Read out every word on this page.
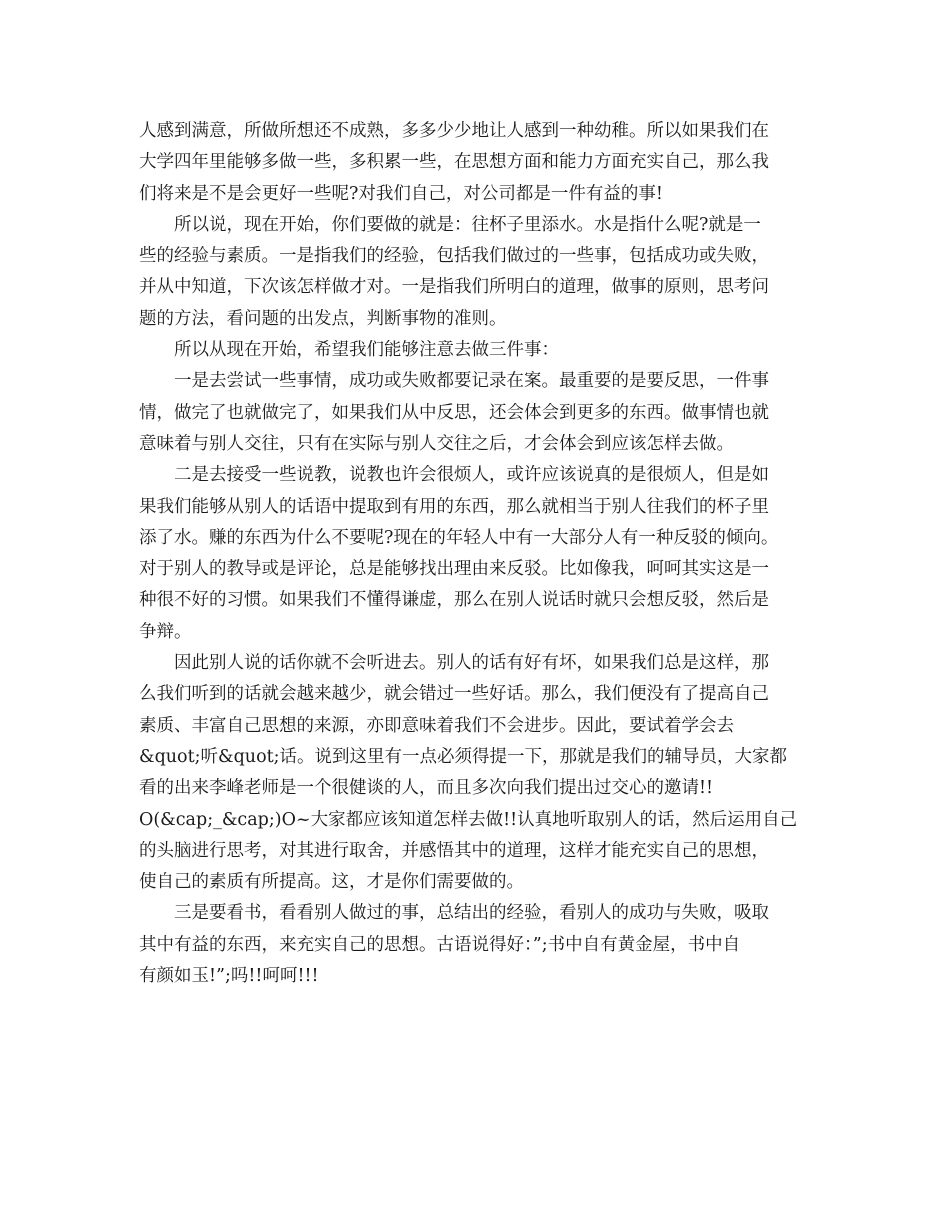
人感到满意，所做所想还不成熟，多多少少地让人感到一种幼稚。所以如果我们在
大学四年里能够多做一些，多积累一些，在思想方面和能力方面充实自己，那么我
们将来是不是会更好一些呢?对我们自己，对公司都是一件有益的事!
所以说，现在开始，你们要做的就是：往杯子里添水。水是指什么呢?就是一
些的经验与素质。一是指我们的经验，包括我们做过的一些事，包括成功或失败，
并从中知道，下次该怎样做才对。一是指我们所明白的道理，做事的原则，思考问
题的方法，看问题的出发点，判断事物的准则。
所以从现在开始，希望我们能够注意去做三件事：
一是去尝试一些事情，成功或失败都要记录在案。最重要的是要反思，一件事
情，做完了也就做完了，如果我们从中反思，还会体会到更多的东西。做事情也就
意味着与别人交往，只有在实际与别人交往之后，才会体会到应该怎样去做。
二是去接受一些说教，说教也许会很烦人，或许应该说真的是很烦人，但是如
果我们能够从别人的话语中提取到有用的东西，那么就相当于别人往我们的杯子里
添了水。赚的东西为什么不要呢?现在的年轻人中有一大部分人有一种反驳的倾向。
对于别人的教导或是评论，总是能够找出理由来反驳。比如像我，呵呵其实这是一
种很不好的习惯。如果我们不懂得谦虚，那么在别人说话时就只会想反驳，然后是
争辩。
因此别人说的话你就不会听进去。别人的话有好有坏，如果我们总是这样，那
么我们听到的话就会越来越少，就会错过一些好话。那么，我们便没有了提高自己
素质、丰富自己思想的来源，亦即意味着我们不会进步。因此，要试着学会去
&quot;听&quot;话。说到这里有一点必须得提一下，那就是我们的辅导员，大家都
看的出来李峰老师是一个很健谈的人，而且多次向我们提出过交心的邀请!!
O(&cap;_&cap;)O~大家都应该知道怎样去做!!认真地听取别人的话，然后运用自己
的头脑进行思考，对其进行取舍，并感悟其中的道理，这样才能充实自己的思想，
使自己的素质有所提高。这，才是你们需要做的。
三是要看书，看看别人做过的事，总结出的经验，看别人的成功与失败，吸取
其中有益的东西，来充实自己的思想。古语说得好：”;书中自有黄金屋，书中自
有颜如玉!”;吗!!呵呵!!!
